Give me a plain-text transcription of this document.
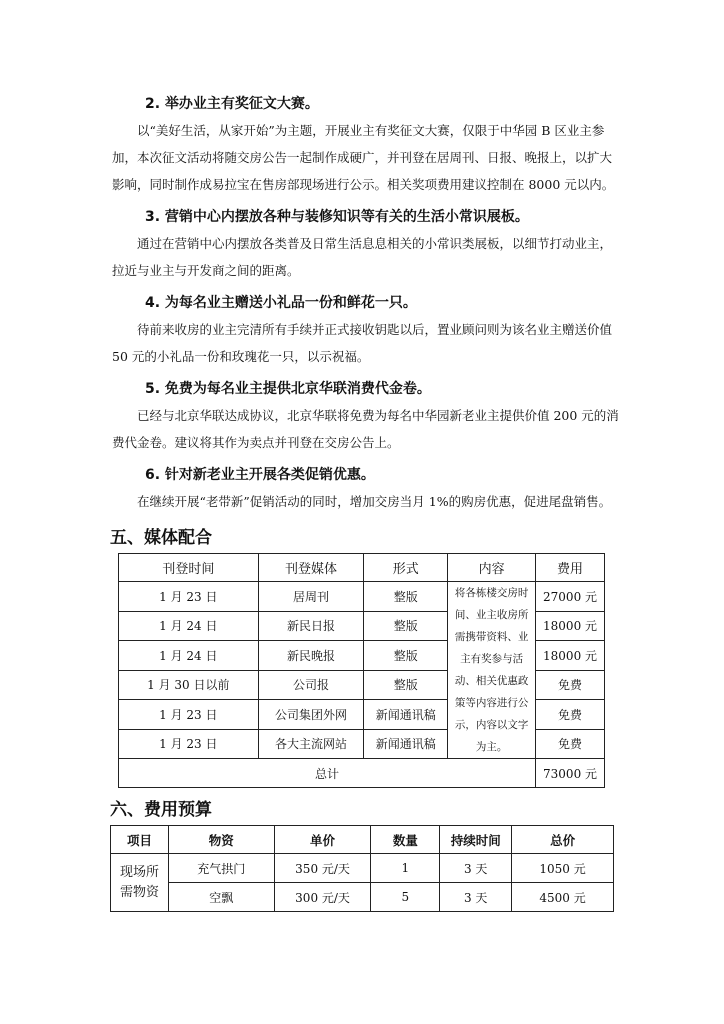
2. 举办业主有奖征文大赛。
以“美好生活，从家开始”为主题，开展业主有奖征文大赛，仅限于中华园 B 区业主参
加，本次征文活动将随交房公告一起制作成硬广，并刊登在居周刊、日报、晚报上，以扩大
影响，同时制作成易拉宝在售房部现场进行公示。相关奖项费用建议控制在 8000 元以内。
3. 营销中心内摆放各种与装修知识等有关的生活小常识展板。
通过在营销中心内摆放各类普及日常生活息息相关的小常识类展板，以细节打动业主，
拉近与业主与开发商之间的距离。
4. 为每名业主赠送小礼品一份和鲜花一只。
待前来收房的业主完清所有手续并正式接收钥匙以后，置业顾问则为该名业主赠送价值
50 元的小礼品一份和玫瑰花一只，以示祝福。
5. 免费为每名业主提供北京华联消费代金卷。
已经与北京华联达成协议，北京华联将免费为每名中华园新老业主提供价值 200 元的消
费代金卷。建议将其作为卖点并刊登在交房公告上。
6. 针对新老业主开展各类促销优惠。
在继续开展“老带新”促销活动的同时，增加交房当月 1%的购房优惠，促进尾盘销售。
五、媒体配合
刊登时间	刊登媒体	形式	内容	费用
1 月 23 日	居周刊	整版	将各栋楼交房时间、业主收房所需携带资料、业主有奖参与活动、相关优惠政策等内容进行公示，内容以文字为主。	27000 元
1 月 24 日	新民日报	整版		18000 元
1 月 24 日	新民晚报	整版		18000 元
1 月 30 日以前	公司报	整版		免费
1 月 23 日	公司集团外网	新闻通讯稿		免费
1 月 23 日	各大主流网站	新闻通讯稿		免费
总计				73000 元
六、费用预算
项目	物资	单价	数量	持续时间	总价
现场所需物资	充气拱门	350 元/天	1	3 天	1050 元
	空飘	300 元/天	5	3 天	4500 元
